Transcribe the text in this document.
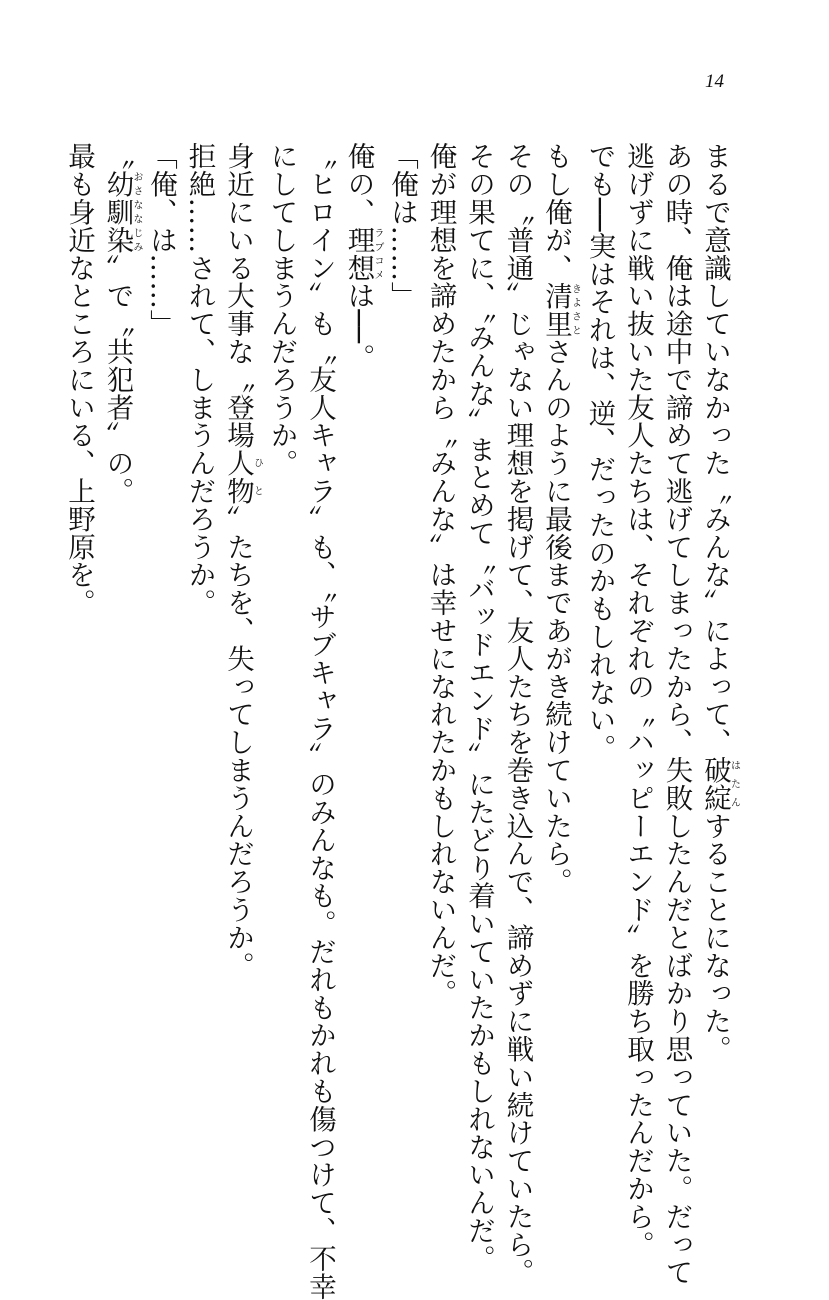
14
まるで意識していなかった〝みんな〟によって、破綻はたんすることになった。
あの時、俺は途中で諦めて逃げてしまったから、失敗したんだとばかり思っていた。だって
逃げずに戦い抜いた友人たちは、それぞれの〝ハッピーエンド〟を勝ち取ったんだから。
でも──実はそれは、逆、だったのかもしれない。
もし俺が、清里きよさとさんのように最後まであがき続けていたら。
その〝普通〟じゃない理想を掲げて、友人たちを巻き込んで、諦めずに戦い続けていたら。
その果てに、〝みんな〟まとめて〝バッドエンド〟にたどり着いていたかもしれないんだ。
俺が理想を諦めたから〝みんな〟は幸せになれたかもしれないんだ。
「俺は……」
俺の、理想ラブコメは──。
〝ヒロイン〟も〝友人キャラ〟も、〝サブキャラ〟のみんなも。だれもかれも傷つけて、不幸
にしてしまうんだろうか。
身近にいる大事な〝登場人ひ物と〟たちを、失ってしまうんだろうか。
拒絶……されて、しまうんだろうか。
「俺、は……」
〝幼馴染おさななじみ〟で〝共犯者〟の。
最も身近なところにいる、上野原を。
